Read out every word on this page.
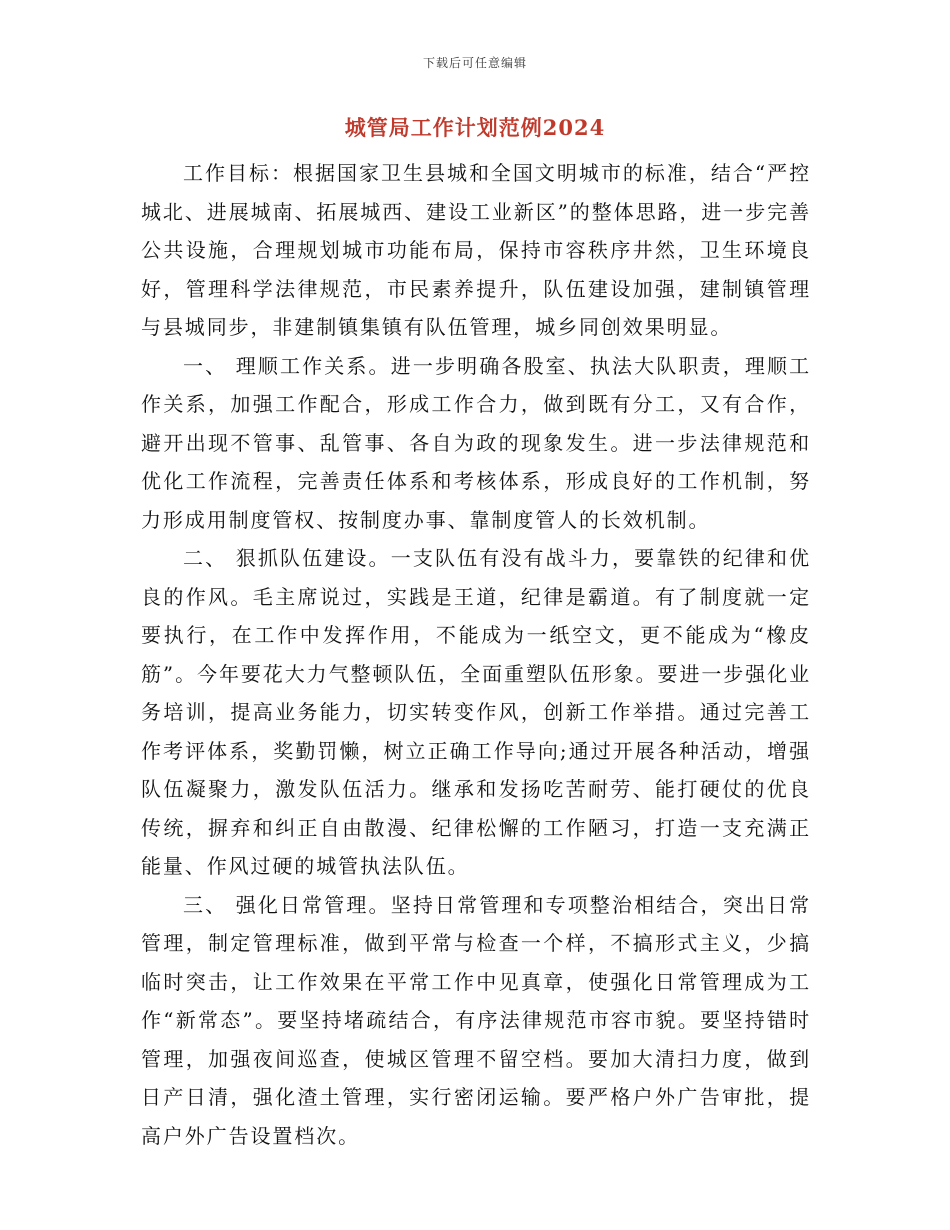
下载后可任意编辑
城管局工作计划范例2024

工作目标：根据国家卫生县城和全国文明城市的标准，结合“严控城北、进展城南、拓展城西、建设工业新区”的整体思路，进一步完善公共设施，合理规划城市功能布局，保持市容秩序井然，卫生环境良好，管理科学法律规范，市民素养提升，队伍建设加强，建制镇管理与县城同步，非建制镇集镇有队伍管理，城乡同创效果明显。

一、 理顺工作关系。进一步明确各股室、执法大队职责，理顺工作关系，加强工作配合，形成工作合力，做到既有分工，又有合作，避开出现不管事、乱管事、各自为政的现象发生。进一步法律规范和优化工作流程，完善责任体系和考核体系，形成良好的工作机制，努力形成用制度管权、按制度办事、靠制度管人的长效机制。

二、 狠抓队伍建设。一支队伍有没有战斗力，要靠铁的纪律和优良的作风。毛主席说过，实践是王道，纪律是霸道。有了制度就一定要执行，在工作中发挥作用，不能成为一纸空文，更不能成为“橡皮筋”。今年要花大力气整顿队伍，全面重塑队伍形象。要进一步强化业务培训，提高业务能力，切实转变作风，创新工作举措。通过完善工作考评体系，奖勤罚懒，树立正确工作导向;通过开展各种活动，增强队伍凝聚力，激发队伍活力。继承和发扬吃苦耐劳、能打硬仗的优良传统，摒弃和纠正自由散漫、纪律松懈的工作陋习，打造一支充满正能量、作风过硬的城管执法队伍。

三、 强化日常管理。坚持日常管理和专项整治相结合，突出日常管理，制定管理标准，做到平常与检查一个样，不搞形式主义，少搞临时突击，让工作效果在平常工作中见真章，使强化日常管理成为工作“新常态”。要坚持堵疏结合，有序法律规范市容市貌。要坚持错时管理，加强夜间巡查，使城区管理不留空档。要加大清扫力度，做到日产日清，强化渣土管理，实行密闭运输。要严格户外广告审批，提高户外广告设置档次。
